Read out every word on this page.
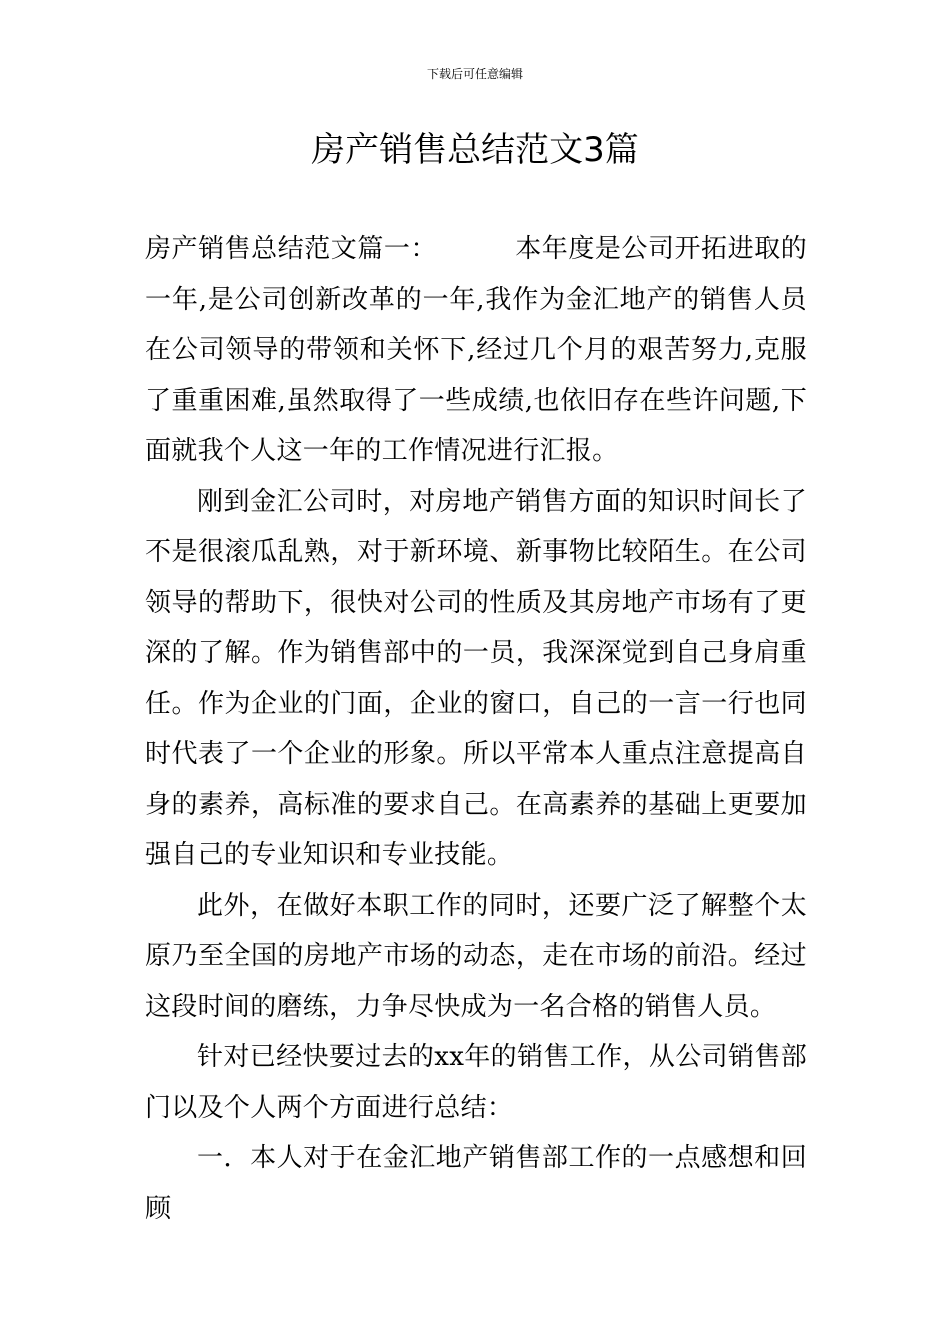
下载后可任意编辑
房产销售总结范文3篇

房产销售总结范文篇一：	本年度是公司开拓进取的一年,是公司创新改革的一年,我作为金汇地产的销售人员在公司领导的带领和关怀下,经过几个月的艰苦努力,克服了重重困难,虽然取得了一些成绩,也依旧存在些许问题,下面就我个人这一年的工作情况进行汇报。

刚到金汇公司时，对房地产销售方面的知识时间长了不是很滚瓜乱熟，对于新环境、新事物比较陌生。在公司领导的帮助下，很快对公司的性质及其房地产市场有了更深的了解。作为销售部中的一员，我深深觉到自己身肩重任。作为企业的门面，企业的窗口，自己的一言一行也同时代表了一个企业的形象。所以平常本人重点注意提高自身的素养，高标准的要求自己。在高素养的基础上更要加强自己的专业知识和专业技能。

此外，在做好本职工作的同时，还要广泛了解整个太原乃至全国的房地产市场的动态，走在市场的前沿。经过这段时间的磨练，力争尽快成为一名合格的销售人员。

针对已经快要过去的xx年的销售工作，从公司销售部门以及个人两个方面进行总结：

一．本人对于在金汇地产销售部工作的一点感想和回顾
